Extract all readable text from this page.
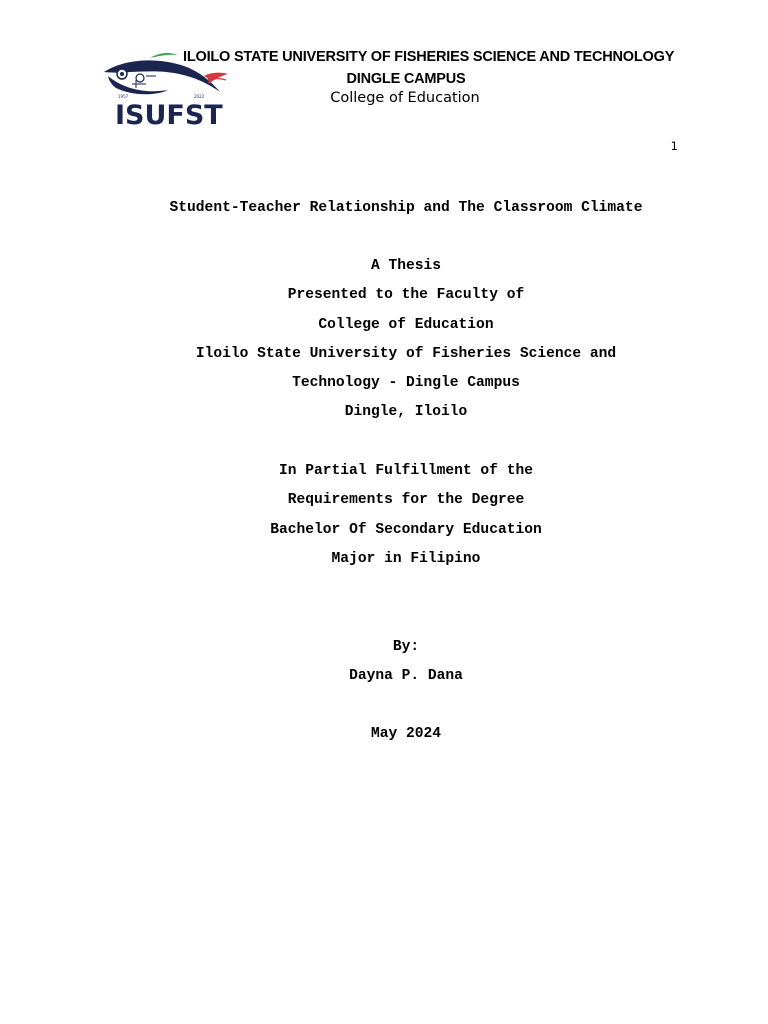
ISUFST
1957	2022
ILOILO STATE UNIVERSITY OF FISHERIES SCIENCE AND TECHNOLOGY
DINGLE CAMPUS
College of Education
1
Student-Teacher Relationship and The Classroom Climate
A Thesis
Presented to the Faculty of
College of Education
Iloilo State University of Fisheries Science and
Technology - Dingle Campus
Dingle, Iloilo
In Partial Fulfillment of the
Requirements for the Degree
Bachelor Of Secondary Education
Major in Filipino
By:
Dayna P. Dana
May 2024
